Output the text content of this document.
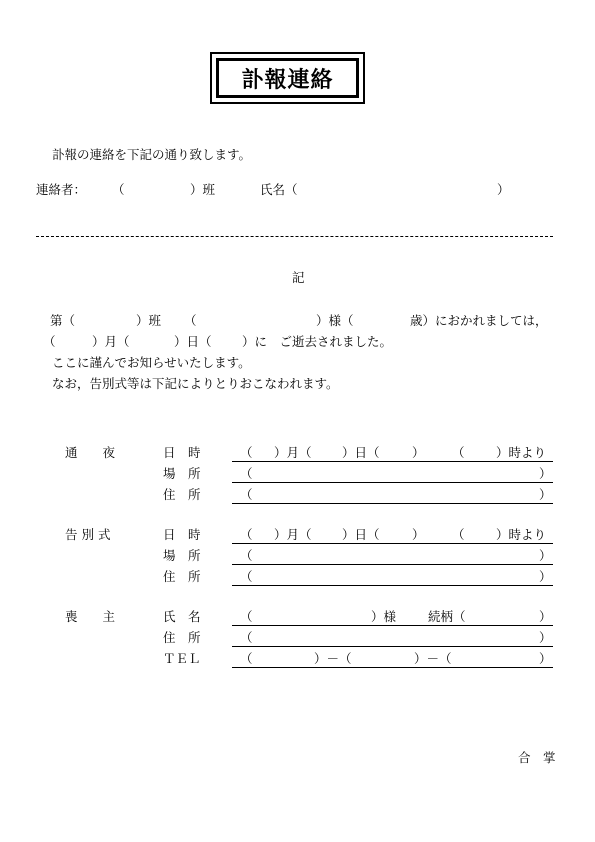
訃報連絡
訃報の連絡を下記の通り致します。
連絡者： （	）班	氏名（	）
記
第（	）班 （	）様（	歳）におかれましては，
（	）月（	）日（ ）に　ご逝去されました。
ここに謹んでお知らせいたします。
なお，告別式等は下記によりとりおこなわれます。
通　　夜	日　時	（ ）月（ ）日（	） （	）時より
場　所	（	）
住　所	（	）
告 別 式	日　時	（ ）月（ ）日（	） （	）時より
場　所	（	）
住　所	（	）
喪　　主	氏　名	（	）様	続柄（	）
住　所	（	）
ＴＥＬ	（	）－（	）－（	）
合　掌
